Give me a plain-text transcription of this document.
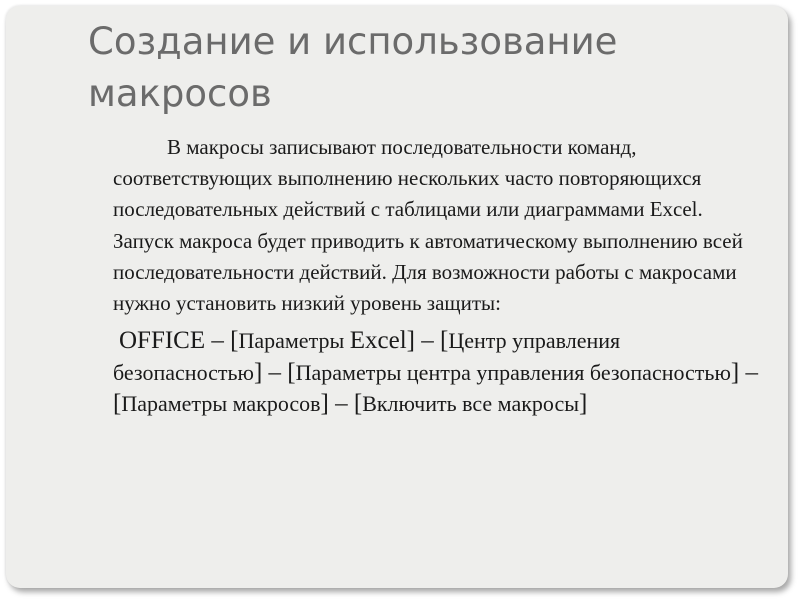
Создание и использование
макросов

В макросы записывают последовательности команд, соответствующих выполнению нескольких часто повторяющихся последовательных действий с таблицами или диаграммами Excel. Запуск макроса будет приводить к автоматическому выполнению всей последовательности действий. Для возможности работы с макросами нужно установить низкий уровень защиты:

OFFICE – [Параметры Excel] – [Центр управления безопасностью] – [Параметры центра управления безопасностью] – [Параметры макросов] – [Включить все макросы]
